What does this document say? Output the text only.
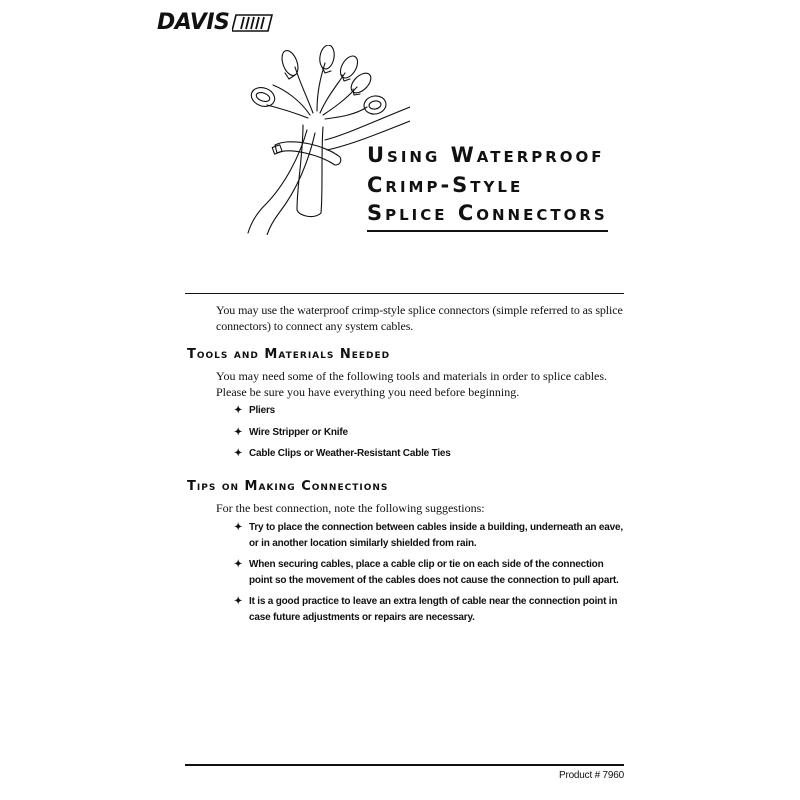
DAVIS
Using Waterproof
Crimp-Style
Splice Connectors

You may use the waterproof crimp-style splice connectors (simple referred to as splice connectors) to connect any system cables.

Tools and Materials Needed

You may need some of the following tools and materials in order to splice cables. Please be sure you have everything you need before beginning.

✦ Pliers
✦ Wire Stripper or Knife
✦ Cable Clips or Weather-Resistant Cable Ties
Tips on Making Connections

For the best connection, note the following suggestions:

✦ Try to place the connection between cables inside a building, underneath an eave, or in another location similarly shielded from rain.
✦ When securing cables, place a cable clip or tie on each side of the connection point so the movement of the cables does not cause the connection to pull apart.
✦ It is a good practice to leave an extra length of cable near the connection point in case future adjustments or repairs are necessary.
Product # 7960
